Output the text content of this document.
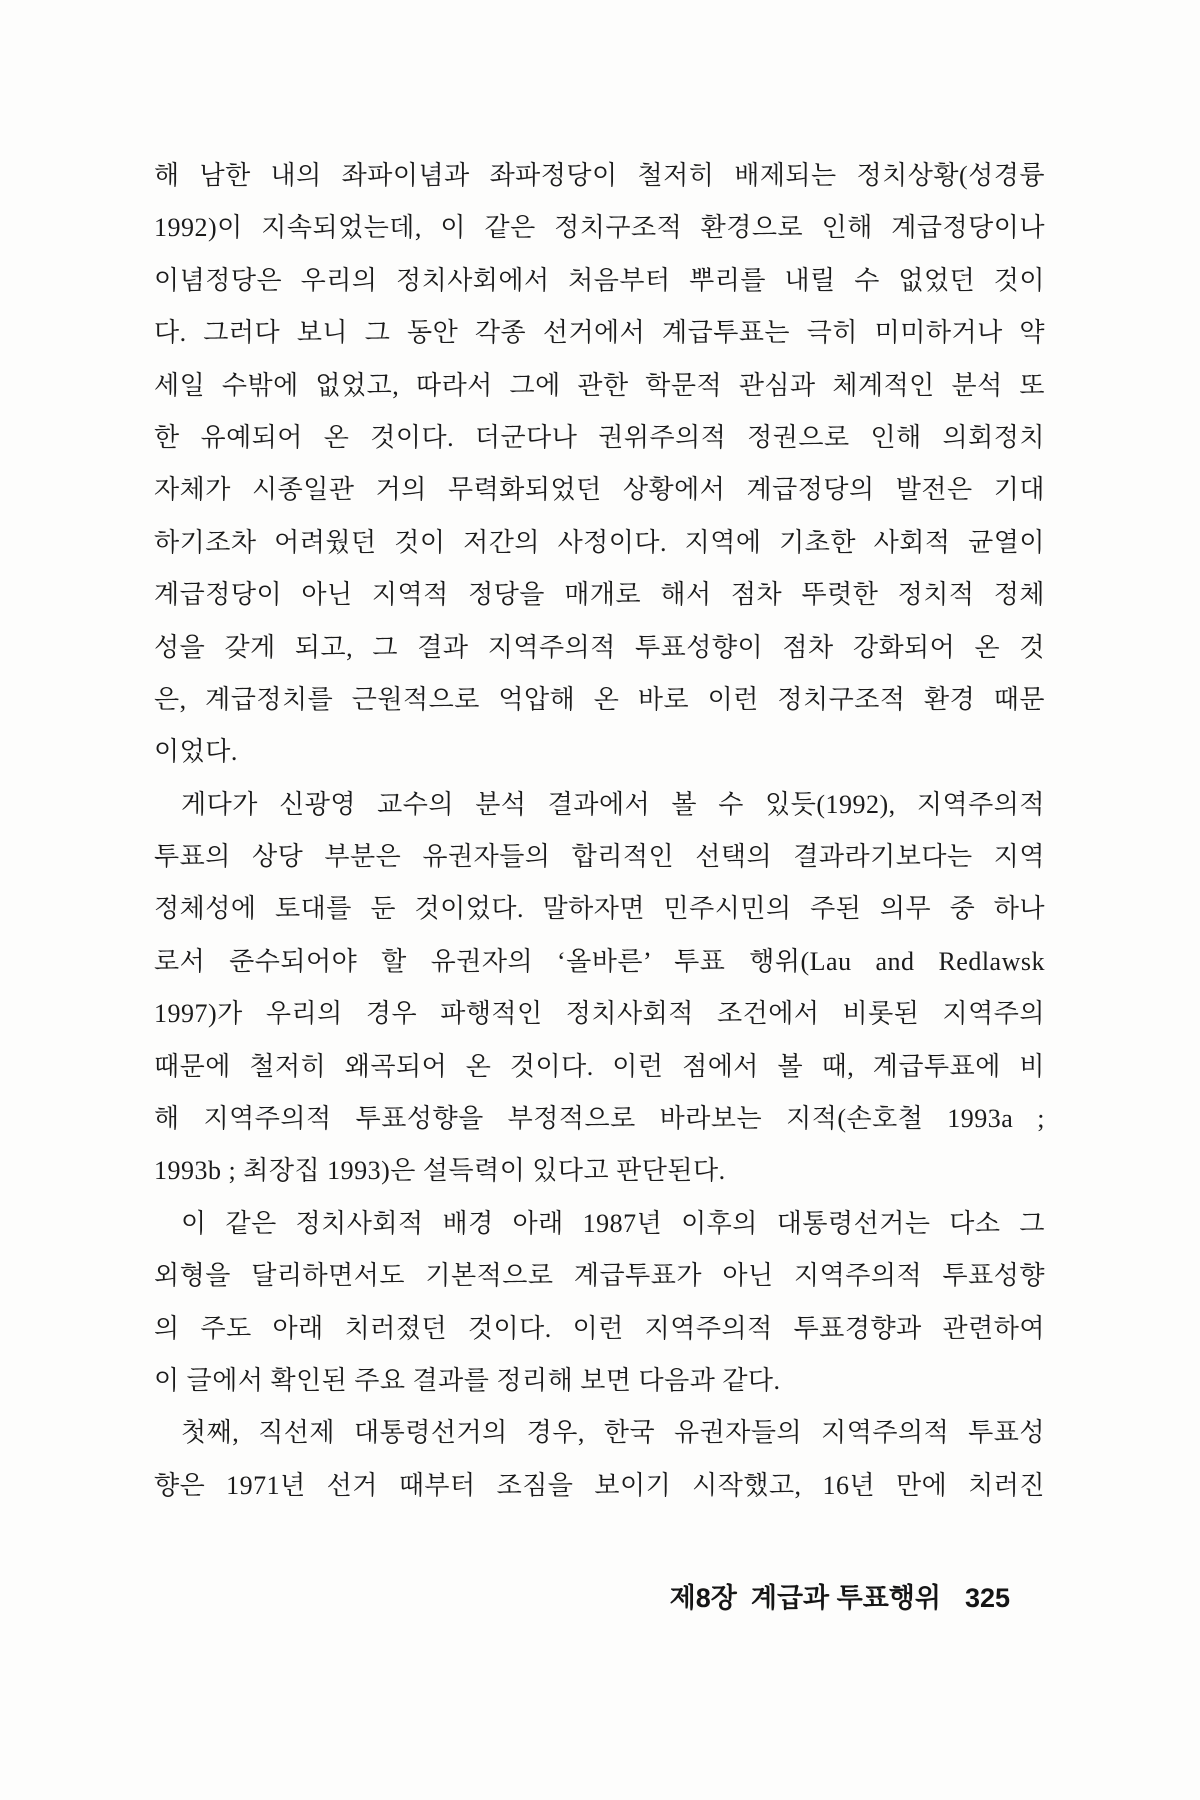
해 남한 내의 좌파이념과 좌파정당이 철저히 배제되는 정치상황(성경륭
1992)이 지속되었는데, 이 같은 정치구조적 환경으로 인해 계급정당이나
이념정당은 우리의 정치사회에서 처음부터 뿌리를 내릴 수 없었던 것이
다. 그러다 보니 그 동안 각종 선거에서 계급투표는 극히 미미하거나 약
세일 수밖에 없었고, 따라서 그에 관한 학문적 관심과 체계적인 분석 또
한 유예되어 온 것이다. 더군다나 권위주의적 정권으로 인해 의회정치
자체가 시종일관 거의 무력화되었던 상황에서 계급정당의 발전은 기대
하기조차 어려웠던 것이 저간의 사정이다. 지역에 기초한 사회적 균열이
계급정당이 아닌 지역적 정당을 매개로 해서 점차 뚜렷한 정치적 정체
성을 갖게 되고, 그 결과 지역주의적 투표성향이 점차 강화되어 온 것
은, 계급정치를 근원적으로 억압해 온 바로 이런 정치구조적 환경 때문
이었다.
게다가 신광영 교수의 분석 결과에서 볼 수 있듯(1992), 지역주의적
투표의 상당 부분은 유권자들의 합리적인 선택의 결과라기보다는 지역
정체성에 토대를 둔 것이었다. 말하자면 민주시민의 주된 의무 중 하나
로서 준수되어야 할 유권자의 ‘올바른’ 투표 행위(Lau and Redlawsk
1997)가 우리의 경우 파행적인 정치사회적 조건에서 비롯된 지역주의
때문에 철저히 왜곡되어 온 것이다. 이런 점에서 볼 때, 계급투표에 비
해 지역주의적 투표성향을 부정적으로 바라보는 지적(손호철 1993a ;
1993b ; 최장집 1993)은 설득력이 있다고 판단된다.
이 같은 정치사회적 배경 아래 1987년 이후의 대통령선거는 다소 그
외형을 달리하면서도 기본적으로 계급투표가 아닌 지역주의적 투표성향
의 주도 아래 치러졌던 것이다. 이런 지역주의적 투표경향과 관련하여
이 글에서 확인된 주요 결과를 정리해 보면 다음과 같다.
첫째, 직선제 대통령선거의 경우, 한국 유권자들의 지역주의적 투표성
향은 1971년 선거 때부터 조짐을 보이기 시작했고, 16년 만에 치러진
제8장 계급과 투표행위 325
